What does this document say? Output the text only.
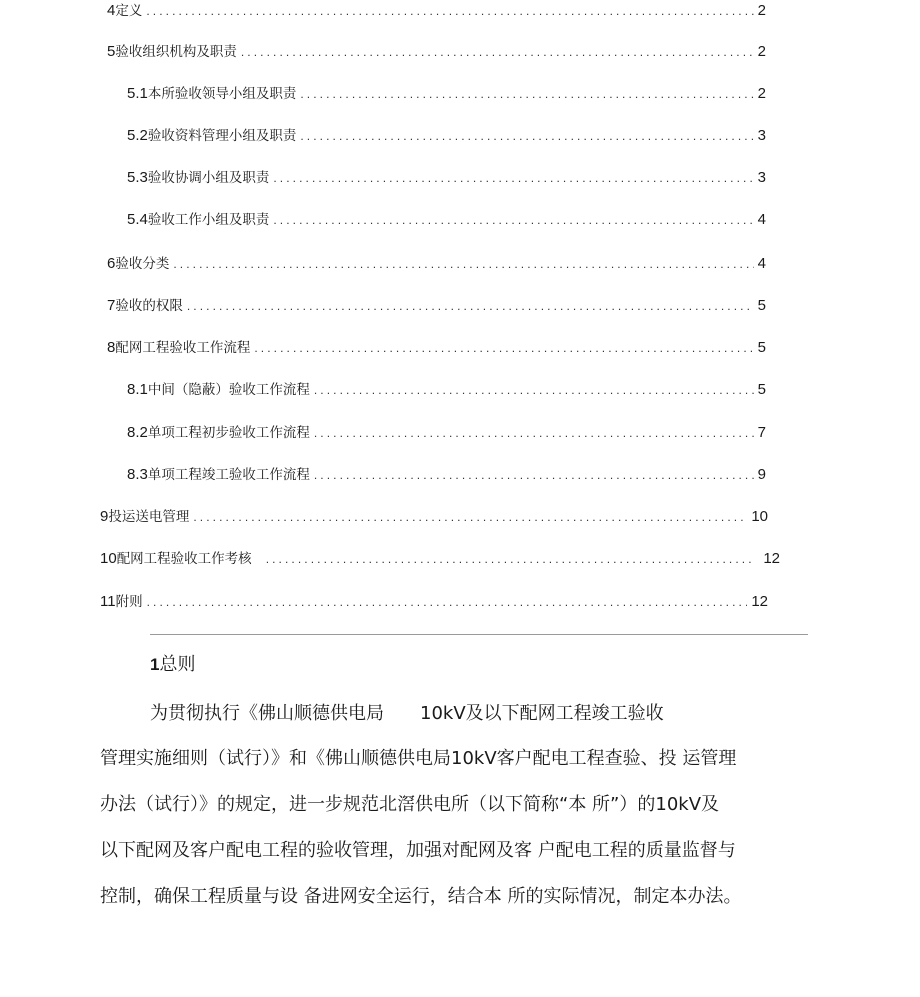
4 定义 .....	2
5 验收组织机构及职责 .....	2
5.1 本所验收领导小组及职责 .....	2
5.2 验收资料管理小组及职责 .....	3
5.3 验收协调小组及职责 .....	3
5.4 验收工作小组及职责 .....	4
6 验收分类 .....	4
7 验收的权限 .....	5
8 配网工程验收工作流程 .....	5
8.1 中间（隐蔽）验收工作流程 .....	5
8.2 单项工程初步验收工作流程 .....	7
8.3 单项工程竣工验收工作流程 .....	9
9 投运送电管理 .....	10
10 配网工程验收工作考核 .....	12
11 附则 .....	12
1总则
为贯彻执行《佛山顺德供电局　　10kV及以下配网工程竣工验收
管理实施细则（试行）》和《佛山顺德供电局10kV客户配电工程查验、投 运管理
办法（试行）》的规定，进一步规范北滘供电所（以下简称“本 所”）的10kV及
以下配网及客户配电工程的验收管理，加强对配网及客 户配电工程的质量监督与
控制，确保工程质量与设 备进网安全运行，结合本 所的实际情况，制定本办法。
